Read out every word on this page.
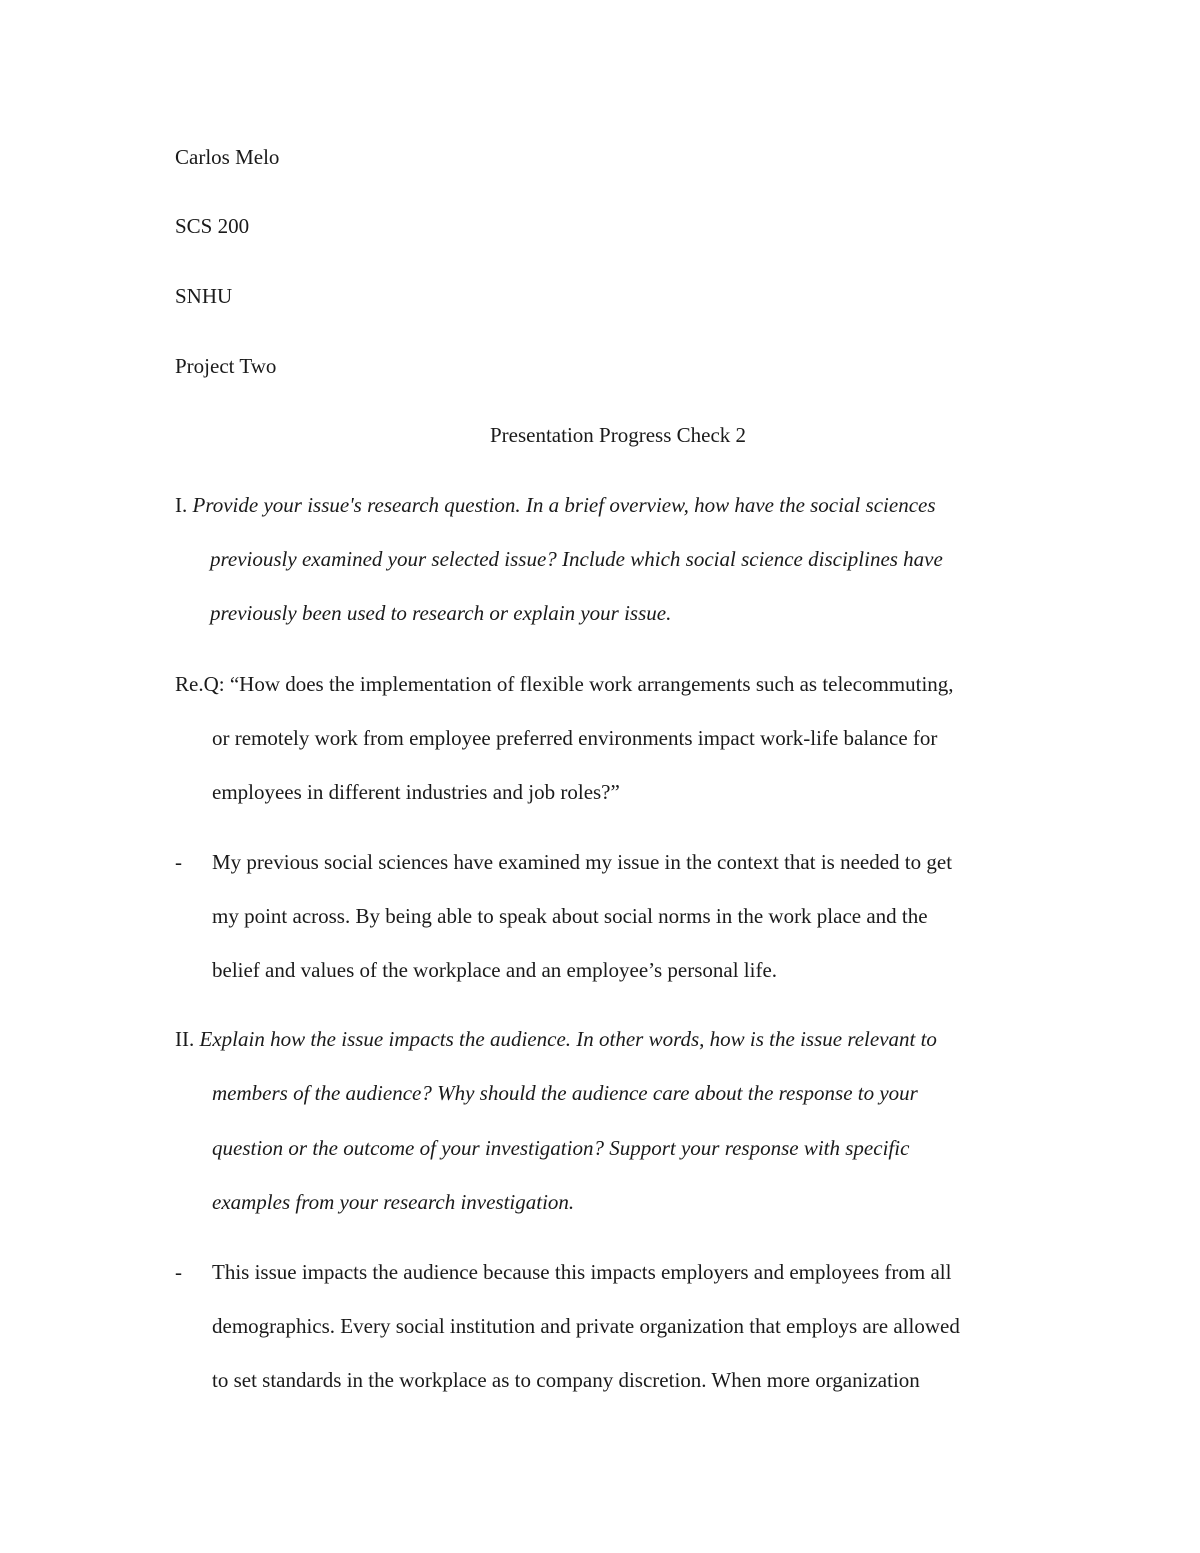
Carlos Melo
SCS 200
SNHU
Project Two
Presentation Progress Check 2
I. Provide your issue's research question. In a brief overview, how have the social sciences
previously examined your selected issue? Include which social science disciplines have
previously been used to research or explain your issue.
Re.Q: “How does the implementation of flexible work arrangements such as telecommuting,
or remotely work from employee preferred environments impact work-life balance for
employees in different industries and job roles?”
- My previous social sciences have examined my issue in the context that is needed to get
my point across. By being able to speak about social norms in the work place and the
belief and values of the workplace and an employee’s personal life.
II. Explain how the issue impacts the audience. In other words, how is the issue relevant to
members of the audience? Why should the audience care about the response to your
question or the outcome of your investigation? Support your response with specific
examples from your research investigation.
- This issue impacts the audience because this impacts employers and employees from all
demographics. Every social institution and private organization that employs are allowed
to set standards in the workplace as to company discretion. When more organization
